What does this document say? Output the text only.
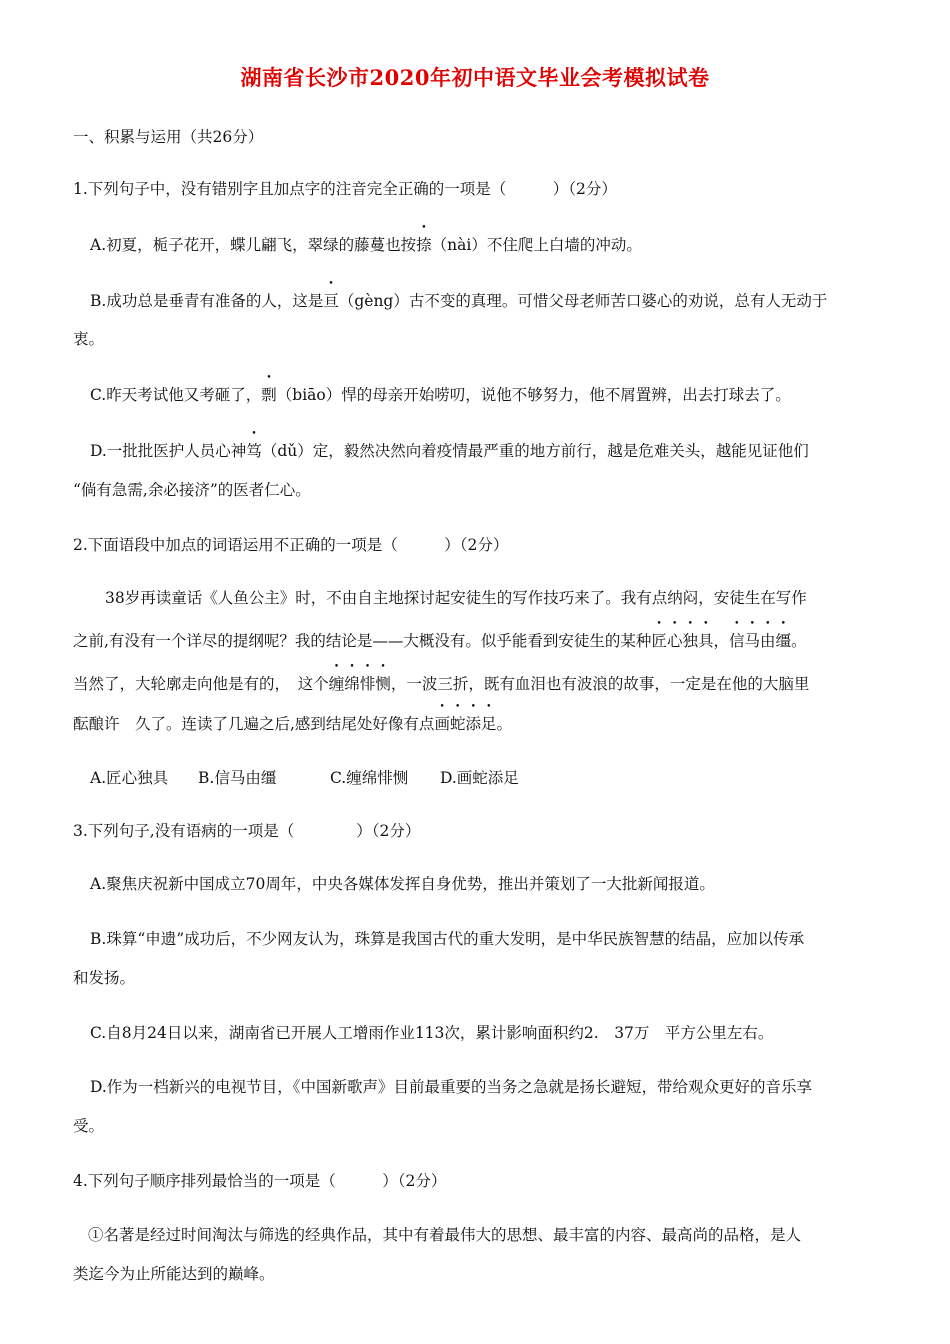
湖南省长沙市2020年初中语文毕业会考模拟试卷
一、积累与运用（共26分）
1.下列句子中，没有错别字且加点字的注音完全正确的一项是（　　　）（2分）
A.初夏，栀子花开，蝶儿翩飞，翠绿的藤蔓也按捺（nài）不住爬上白墙的冲动。
B.成功总是垂青有准备的人，这是亘（gèng）古不变的真理。可惜父母老师苦口婆心的劝说，总有人无动于
衷。
C.昨天考试他又考砸了，剽（biāo）悍的母亲开始唠叨，说他不够努力，他不屑置辨，出去打球去了。
D.一批批医护人员心神笃（dǔ）定，毅然决然向着疫情最严重的地方前行，越是危难关头，越能见证他们
“倘有急需,余必接济”的医者仁心。
2.下面语段中加点的词语运用不正确的一项是（　　　）（2分）
38岁再读童话《人鱼公主》时，不由自主地探讨起安徒生的写作技巧来了。我有点纳闷，安徒生在写作
之前,有没有一个详尽的提纲呢？我的结论是——大概没有。似乎能看到安徒生的某种匠心独具，信马由缰。
当然了，大轮廓走向他是有的，　这个缠绵悱恻，一波三折，既有血泪也有波浪的故事，一定是在他的大脑里
酝酿许　久了。连读了几遍之后,感到结尾处好像有点画蛇添足。
A.匠心独具 B.信马由缰	C.缠绵悱恻 D.画蛇添足
3.下列句子,没有语病的一项是（　　　　）（2分）
A.聚焦庆祝新中国成立70周年，中央各媒体发挥自身优势，推出并策划了一大批新闻报道。
B.珠算“申遗”成功后，不少网友认为，珠算是我国古代的重大发明，是中华民族智慧的结晶，应加以传承
和发扬。
C.自8月24日以来，湖南省已开展人工增雨作业113次，累计影响面积约2.　37万　平方公里左右。
D.作为一档新兴的电视节目，《中国新歌声》目前最重要的当务之急就是扬长避短，带给观众更好的音乐享
受。
4.下列句子顺序排列最恰当的一项是（　　　）（2分）
①名著是经过时间淘汰与筛选的经典作品，其中有着最伟大的思想、最丰富的内容、最高尚的品格，是人
类迄今为止所能达到的巅峰。
